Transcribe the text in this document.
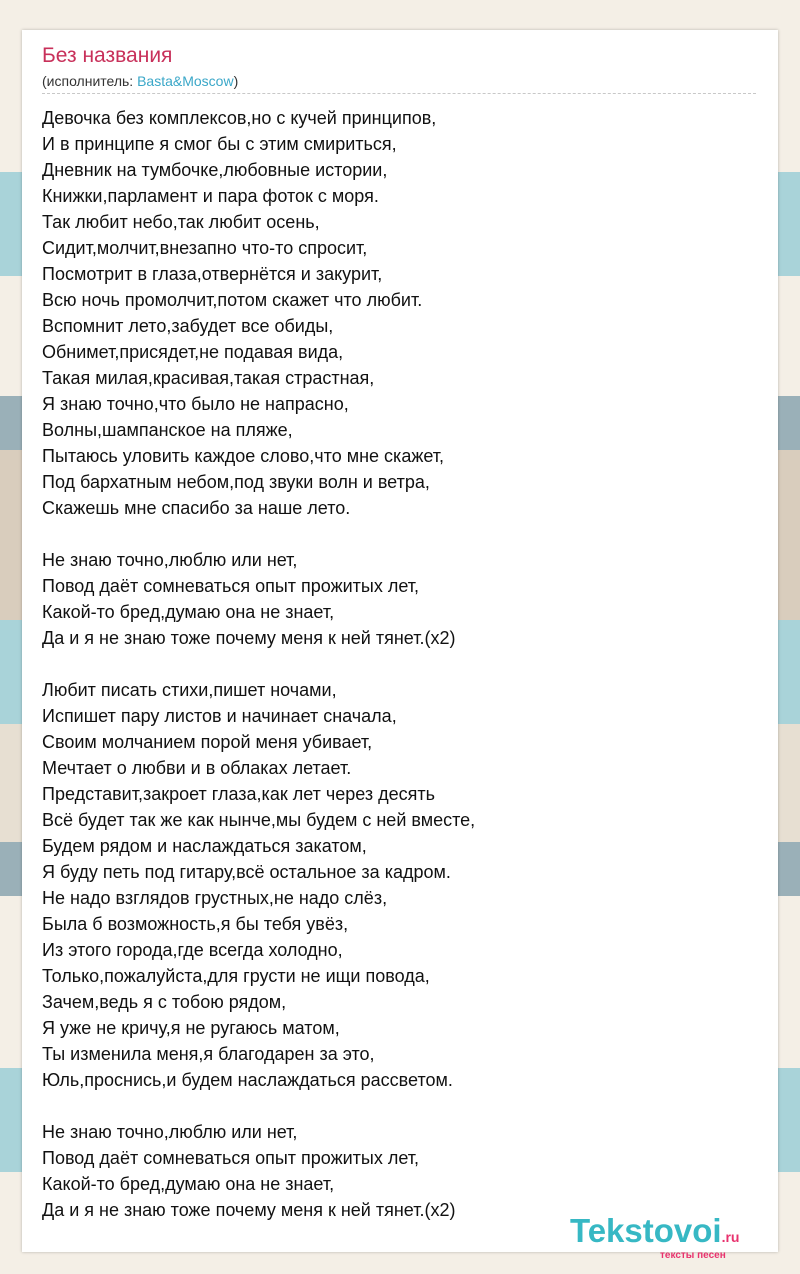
Без названия
(исполнитель: Basta&Moscow)
Девочка без комплексов,но с кучей принципов,
И в принципе я смог бы с этим смириться,
Дневник на тумбочке,любовные истории,
Книжки,парламент и пара фоток с моря.
Так любит небо,так любит осень,
Сидит,молчит,внезапно что-то спросит,
Посмотрит в глаза,отвернётся и закурит,
Всю ночь промолчит,потом скажет что любит.
Вспомнит лето,забудет все обиды,
Обнимет,присядет,не подавая вида,
Такая милая,красивая,такая страстная,
Я знаю точно,что было не напрасно,
Волны,шампанское на пляже,
Пытаюсь уловить каждое слово,что мне скажет,
Под бархатным небом,под звуки волн и ветра,
Скажешь мне спасибо за наше лето.
Не знаю точно,люблю или нет,
Повод даёт сомневаться опыт прожитых лет,
Какой-то бред,думаю она не знает,
Да и я не знаю тоже почему меня к ней тянет.(x2)
Любит писать стихи,пишет ночами,
Испишет пару листов и начинает сначала,
Своим молчанием порой меня убивает,
Мечтает о любви и в облаках летает.
Представит,закроет глаза,как лет через десять
Всё будет так же как нынче,мы будем с ней вместе,
Будем рядом и наслаждаться закатом,
Я буду петь под гитару,всё остальное за кадром.
Не надо взглядов грустных,не надо слёз,
Была б возможность,я бы тебя увёз,
Из этого города,где всегда холодно,
Только,пожалуйста,для грусти не ищи повода,
Зачем,ведь я с тобою рядом,
Я уже не кричу,я не ругаюсь матом,
Ты изменила меня,я благодарен за это,
Юль,проснись,и будем наслаждаться рассветом.
Не знаю точно,люблю или нет,
Повод даёт сомневаться опыт прожитых лет,
Какой-то бред,думаю она не знает,
Да и я не знаю тоже почему меня к ней тянет.(x2)
Tekstovoi.ru
тексты песен
